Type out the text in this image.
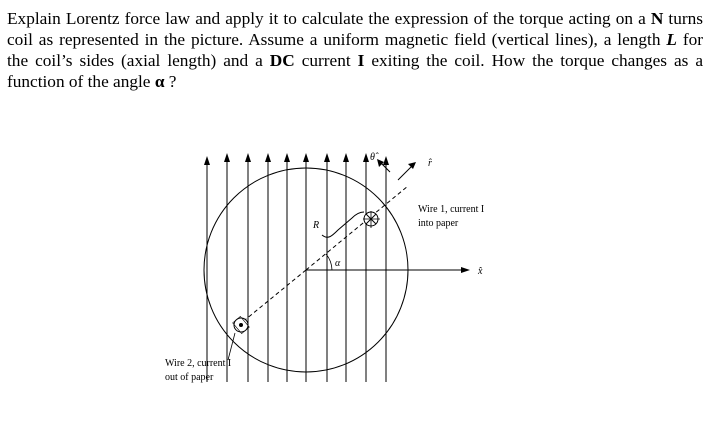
Explain Lorentz force law and apply it to calculate the expression of the torque acting on a N turns coil as represented in the picture. Assume a uniform magnetic field (vertical lines), a length L for the coil’s sides (axial length) and a DC current I exiting the coil. How the torque changes as a function of the angle α ?

R
α
θ̂
r̂
x̂
Wire 1, current I
into paper
Wire 2, current I
out of paper
